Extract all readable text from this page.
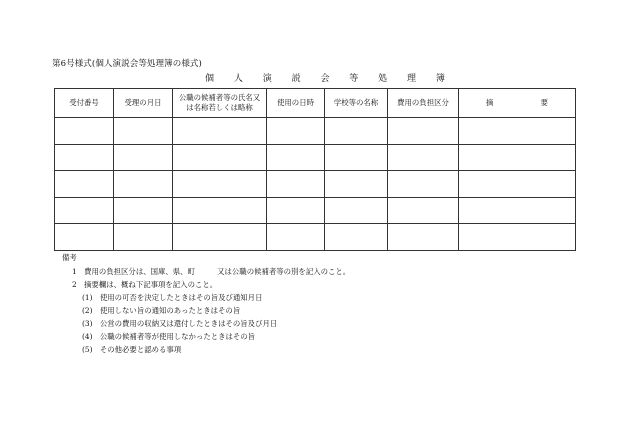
第6号様式(個人演説会等処理簿の様式)
個 人 演 説 会 等 処 理 簿
受付番号	受理の月日	公職の候補者等の氏名又は名称若しくは略称	使用の日時	学校等の名称	費用の負担区分	摘 要

備考
1　費用の負担区分は、国庫、県、町　　　又は公職の候補者等の別を記入のこと。
2　摘要欄は、概ね下記事項を記入のこと。
(1)　使用の可否を決定したときはその旨及び通知月日
(2)　使用しない旨の通知のあったときはその旨
(3)　公営の費用の収納又は還付したときはその旨及び月日
(4)　公職の候補者等が使用しなかったときはその旨
(5)　その他必要と認める事項
